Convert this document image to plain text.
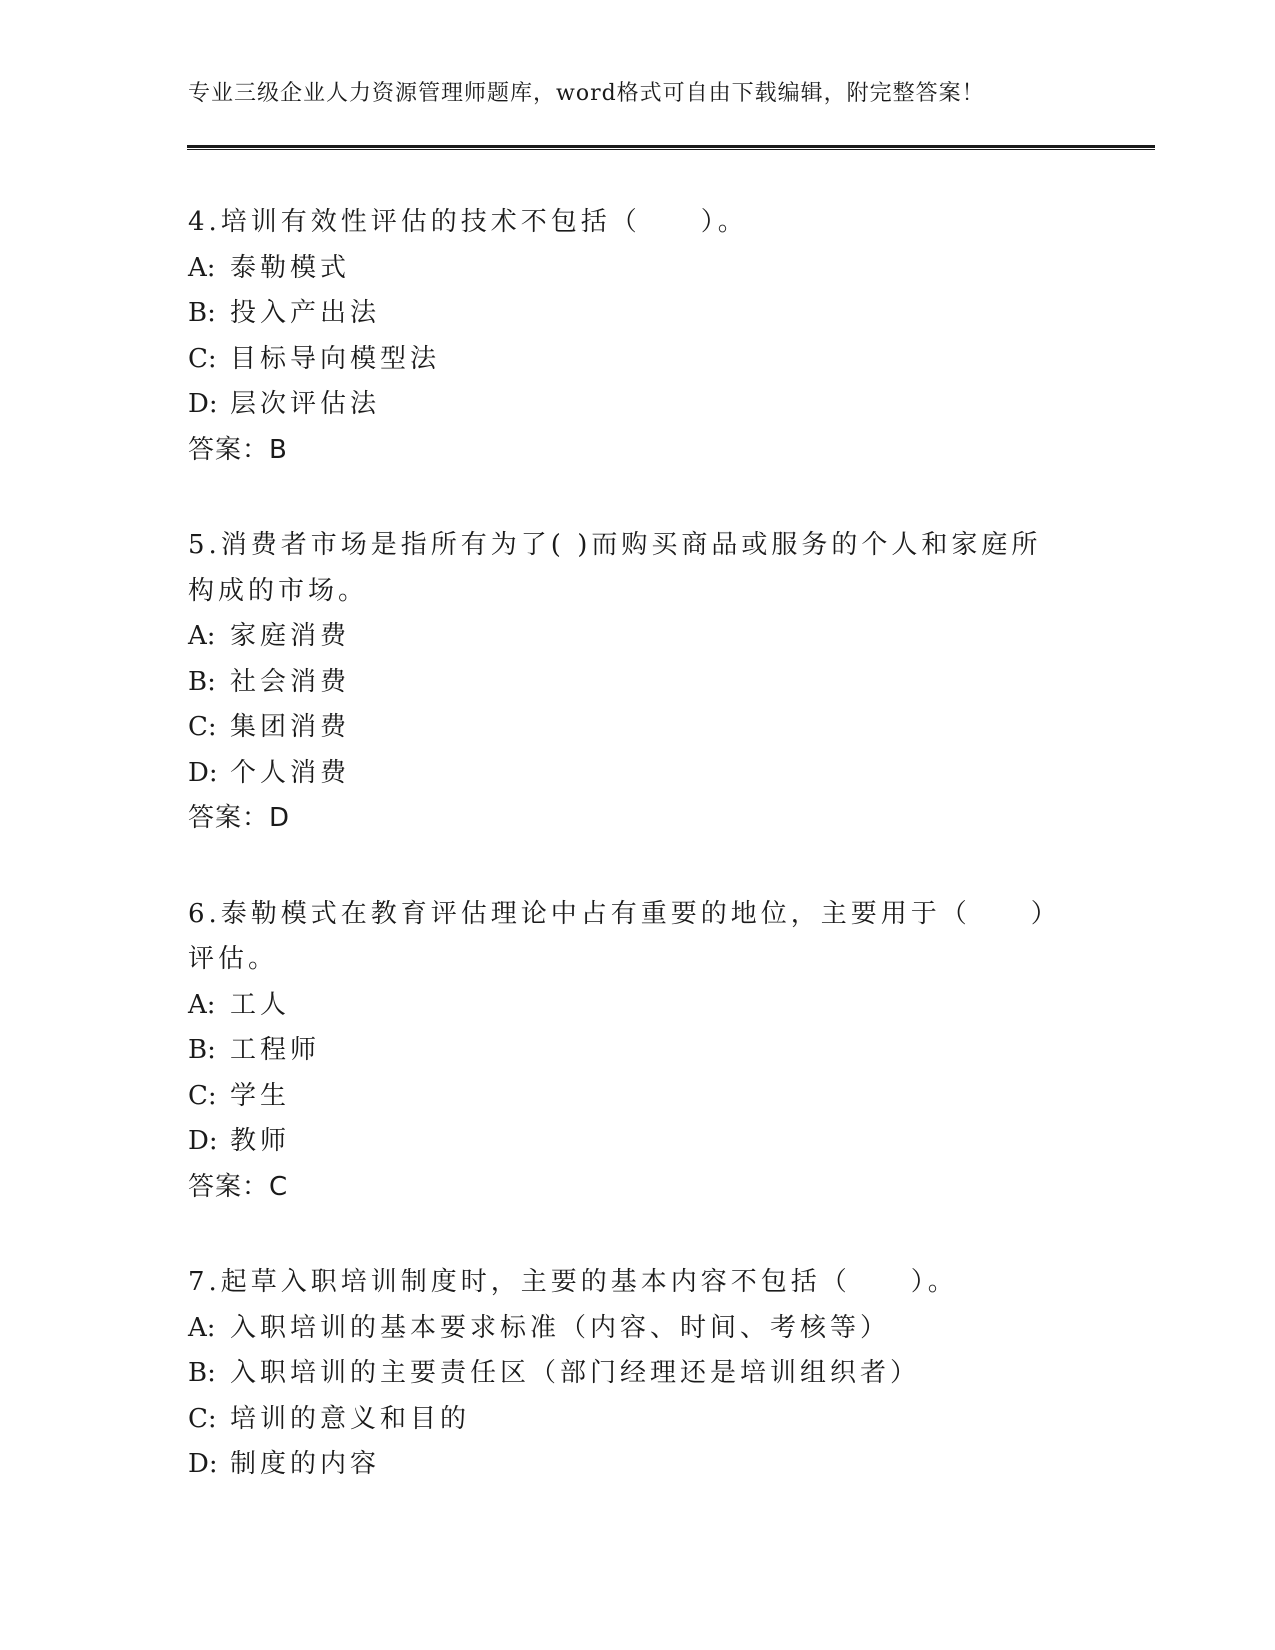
专业三级企业人力资源管理师题库，word格式可自由下载编辑，附完整答案！
4.培训有效性评估的技术不包括（　　）。
A: 泰勒模式
B: 投入产出法
C: 目标导向模型法
D: 层次评估法
答案：B
5.消费者市场是指所有为了( )而购买商品或服务的个人和家庭所构成的市场。
A: 家庭消费
B: 社会消费
C: 集团消费
D: 个人消费
答案：D
6.泰勒模式在教育评估理论中占有重要的地位，主要用于（　　）评估。
A: 工人
B: 工程师
C: 学生
D: 教师
答案：C
7.起草入职培训制度时，主要的基本内容不包括（　　）。
A: 入职培训的基本要求标准（内容、时间、考核等）
B: 入职培训的主要责任区（部门经理还是培训组织者）
C: 培训的意义和目的
D: 制度的内容
